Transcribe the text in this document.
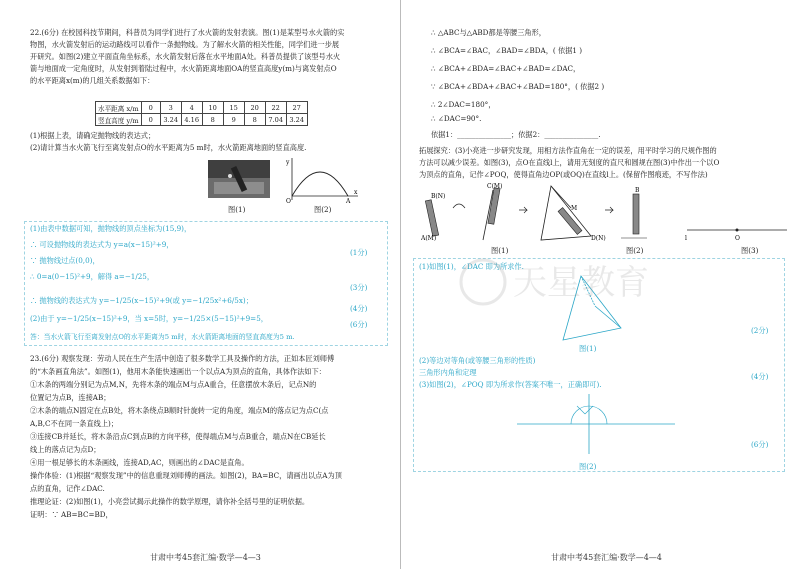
22.(6分) 在校园科技节期间，科普员为同学们进行了水火箭的发射表演。图(1)是某型号水火箭的实
物图，水火箭发射后的运动路线可以看作一条抛物线。为了解水火箭的相关性能，同学们进一步展
开研究。如图(2)建立平面直角坐标系，水火箭发射后落在水平地面A处。科普员提供了该型号水火
箭与地面成一定角度时，从发射到着陆过程中，水火箭距离地面OA的竖直高度y(m)与离发射点O
的水平距离x(m)的几组关系数据如下：
水平距离 x/m	0	3	4	10	15	20	22	27
竖直高度 y/m	0	3.24	4.16	8	9	8	7.04	3.24
(1)根据上表，请确定抛物线的表达式；
(2)请计算当水火箭飞行至离发射点O的水平距离为5 m时，水火箭距离地面的竖直高度.
图(1)
y
x
O	A
图(2)
(1)由表中数据可知，抛物线的顶点坐标为(15,9)，
∴ 可设抛物线的表达式为 y=a(x−15)²+9，
∵ 抛物线过点(0,0)，
∴ 0=a(0−15)²+9，解得 a=−1/25，
∴ 抛物线的表达式为 y=−1/25(x−15)²+9(或 y=−1/25x²+6/5x)；
(2)由于 y=−1/25(x−15)²+9，当 x=5时，y=−1/25×(5−15)²+9=5，
答：当水火箭飞行至离发射点O的水平距离为5 m时，水火箭距离地面的竖直高度为5 m.
(1分)
(3分)
(4分)
(6分)
23.(6分) 观察发现：劳动人民在生产生活中创造了很多数学工具及操作的方法，正如本匠刘师傅
的“木条画直角法”。如图(1)，他用木条能快速画出一个以点A为顶点的直角，具体作法如下：
①木条的两端分别记为点M,N，先将木条的端点M与点A重合，任意摆放木条后，记点N的
位置记为点B，连接AB；
②木条的端点N固定在点B处，将木条绕点B顺时针旋转一定的角度，端点M的落点记为点C(点
A,B,C不在同一条直线上)；
③连接CB并延长，将木条沿点C到点B的方向平移，使得端点M与点B重合，端点N在CB延长
线上的落点记为点D；
④用一根足够长的木条画线，连接AD,AC，则画出的∠DAC是直角。
操作体验：(1)根据“观察发现”中的信息重现刘师傅的画法。如图(2)，BA=BC，请画出以点A为顶
点的直角，记作∠DAC.
推理论证：(2)如图(1)，小亮尝试揭示此操作的数学原理，请你补全括号里的证明依据。
证明：∵ AB=BC=BD，
甘肃中考45套汇编·数学—4—3
∴ △ABC与△ABD都是等腰三角形，
∴ ∠BCA=∠BAC，∠BAD=∠BDA，( 依据1 )
∴ ∠BCA+∠BDA=∠BAC+∠BAD=∠DAC，
∵ ∠BCA+∠BDA+∠BAC+∠BAD=180°，( 依据2 )
∴ 2∠DAC=180°，
∴ ∠DAC=90°.
依据1：_______________；依据2：_______________.
拓展探究：(3)小亮进一步研究发现，用相方法作直角在一定的误差，用平时学习的尺规作图的
方法可以减少误差。如图(3)，点O在直线l上，请用无刻度的直尺和圆规在图(3)中作出一个以O
为顶点的直角，记作∠POQ，使得直角边OP(或OQ)在直线l上。(保留作图痕迹，不写作法)
B(N)
A(M)
C(M)
M
D(N)
B
图(1)	图(2)
l	O
图(3)
(1)如图(1)，∠DAC 即为所求作.
图(1)
(2)等边对等角(或等腰三角形的性质)
三角形内角和定理
(3)如图(2)，∠POQ 即为所求作(答案不唯一，正确即可).
图(2)
(2分)
(4分)
(6分)
甘肃中考45套汇编·数学—4—4
天星教育
